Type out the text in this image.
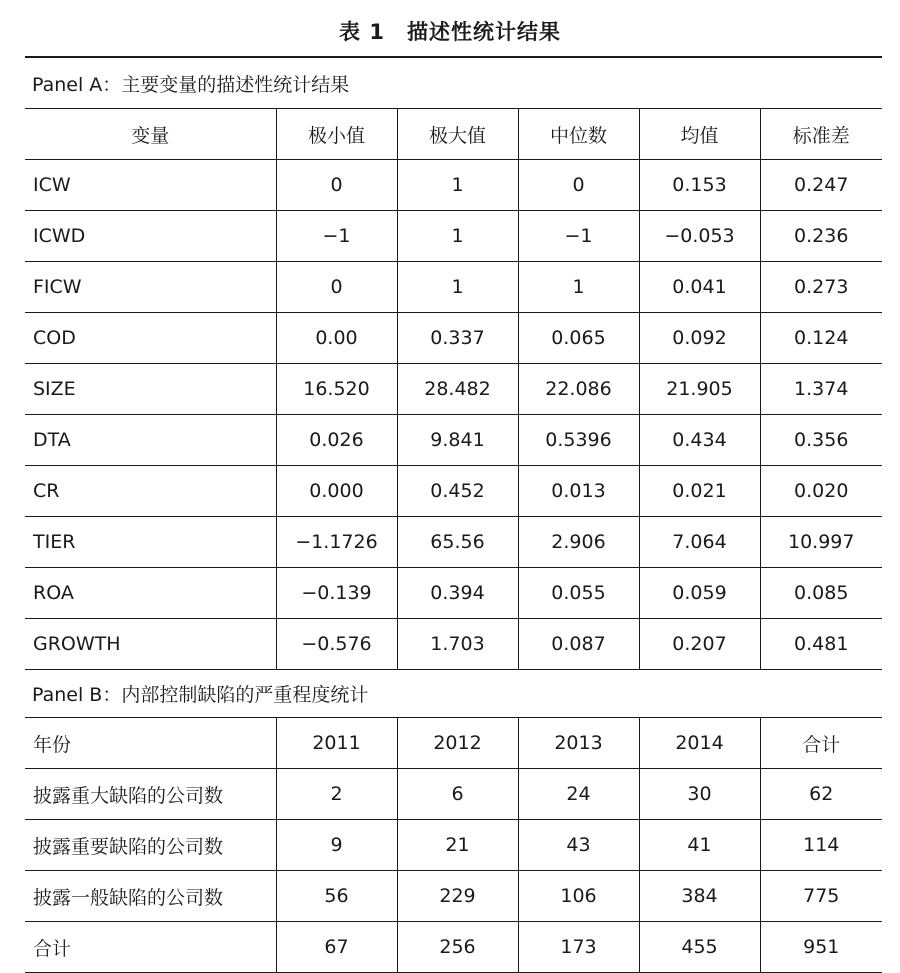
表 1　描述性统计结果
Panel A：主要变量的描述性统计结果
变量	极小值	极大值	中位数	均值	标准差
ICW	0	1	0	0.153	0.247
ICWD	−1	1	−1	−0.053	0.236
FICW	0	1	1	0.041	0.273
COD	0.00	0.337	0.065	0.092	0.124
SIZE	16.520	28.482	22.086	21.905	1.374
DTA	0.026	9.841	0.5396	0.434	0.356
CR	0.000	0.452	0.013	0.021	0.020
TIER	−1.1726	65.56	2.906	7.064	10.997
ROA	−0.139	0.394	0.055	0.059	0.085
GROWTH	−0.576	1.703	0.087	0.207	0.481
Panel B：内部控制缺陷的严重程度统计
年份	2011	2012	2013	2014	合计
披露重大缺陷的公司数	2	6	24	30	62
披露重要缺陷的公司数	9	21	43	41	114
披露一般缺陷的公司数	56	229	106	384	775
合计	67	256	173	455	951
